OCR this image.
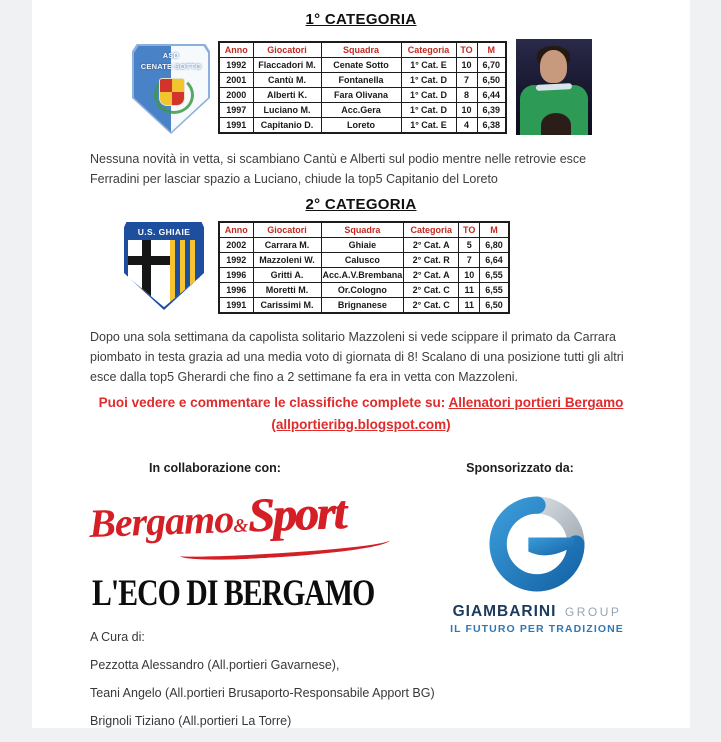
1° CATEGORIA
ASD
CENATE SOTTO
Anno	Giocatori	Squadra	Categoria	TO	M
1992	Flaccadori M.	Cenate Sotto	1° Cat. E	10	6,70
2001	Cantù M.	Fontanella	1° Cat. D	7	6,50
2000	Alberti K.	Fara Olivana	1° Cat. D	8	6,44
1997	Luciano M.	Acc.Gera	1° Cat. D	10	6,39
1991	Capitanio D.	Loreto	1° Cat. E	4	6,38
Nessuna novità in vetta, si scambiano Cantù e Alberti sul podio mentre nelle retrovie esce Ferradini per lasciar spazio a Luciano, chiude la top5 Capitanio del Loreto
2° CATEGORIA
U.S. GHIAIE	Anno	Giocatori	Squadra	Categoria	TO	M
2002	Carrara M.	Ghiaie	2° Cat. A	5	6,80
1992	Mazzoleni W.	Calusco	2° Cat. R	7	6,64
1996	Gritti A.	Acc.A.V.Brembana	2° Cat. A	10	6,55
1996	Moretti M.	Or.Cologno	2° Cat. C	11	6,55
1991	Carissimi M.	Brignanese	2° Cat. C	11	6,50
Dopo una sola settimana da capolista solitario Mazzoleni si vede scippare il primato da Carrara piombato in testa grazia ad una media voto di giornata di 8! Scalano di una posizione tutti gli altri esce dalla top5 Gherardi che fino a 2 settimane fa era in vetta con Mazzoleni.
Puoi vedere e commentare le classifiche complete su: Allenatori portieri Bergamo
(allportieribg.blogspot.com)
In collaborazione con:	Sponsorizzato da:
Bergamo&Sport
L'ECO DI BERGAMO	GIAMBARINI GROUP
IL FUTURO PER TRADIZIONE
A Cura di:
Pezzotta Alessandro (All.portieri Gavarnese),
Teani Angelo (All.portieri Brusaporto-Responsabile Apport BG)
Brignoli Tiziano (All.portieri La Torre)
